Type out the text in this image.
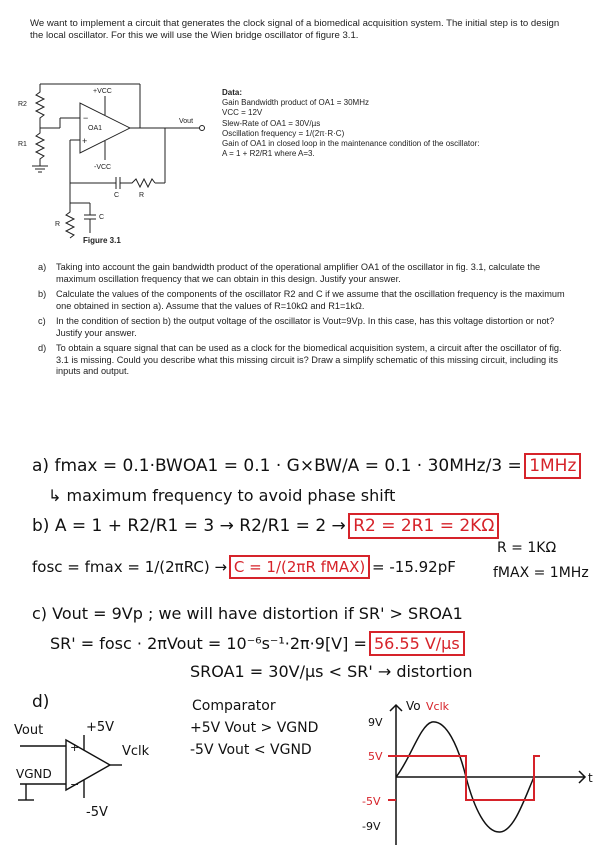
We want to implement a circuit that generates the clock signal of a biomedical acquisition system. The initial step is to design the local oscillator. For this we will use the Wien bridge oscillator of figure 3.1.
−
+
R2
R1
+VCC
OA1
-VCC
Vout
C	R
R
C
Figure 3.1
Data:
Gain Bandwidth product of OA1 = 30MHz
VCC = 12V
Slew-Rate of OA1 = 30V/µs
Oscillation frequency = 1/(2π·R·C)
Gain of OA1 in closed loop in the maintenance condition of the oscillator:
A = 1 + R2/R1 where A=3.
a)	Taking into account the gain bandwidth product of the operational amplifier OA1 of the oscillator in fig. 3.1, calculate the maximum oscillation frequency that we can obtain in this design. Justify your answer.
b)	Calculate the values of the components of the oscillator R2 and C if we assume that the oscillation frequency is the maximum one obtained in section a). Assume that the values of R=10kΩ and R1=1kΩ.
c)	In the condition of section b) the output voltage of the oscillator is Vout=9Vp. In this case, has this voltage distortion or not? Justify your answer.
d)	To obtain a square signal that can be used as a clock for the biomedical acquisition system, a circuit after the oscillator of fig. 3.1 is missing. Could you describe what this missing circuit is? Draw a simplify schematic of this missing circuit, including its inputs and output.
a) fmax = 0.1·BWOA1 = 0.1 · G×BW/A = 0.1 · 30MHz/3 = 1MHz
↳ maximum frequency to avoid phase shift
b) A = 1 + R2/R1 = 3 → R2/R1 = 2 → R2 = 2R1 = 2KΩ
fosc = fmax = 1/(2πRC) → C = 1/(2πR fMAX) = -15.92pF
R = 1KΩ
fMAX = 1MHz
c) Vout = 9Vp ; we will have distortion if SR' > SROA1
SR' = fosc · 2πVout = 10⁻⁶s⁻¹·2π·9[V] = 56.55 V/µs
SROA1 = 30V/µs < SR' → distortion
d)	Comparator
+5V Vout > VGND
-5V Vout < VGND
+
−
Vout
VGND
+5V
-5V
Vclk
Vo Vclk
t
9V
5V
-5V
-9V
